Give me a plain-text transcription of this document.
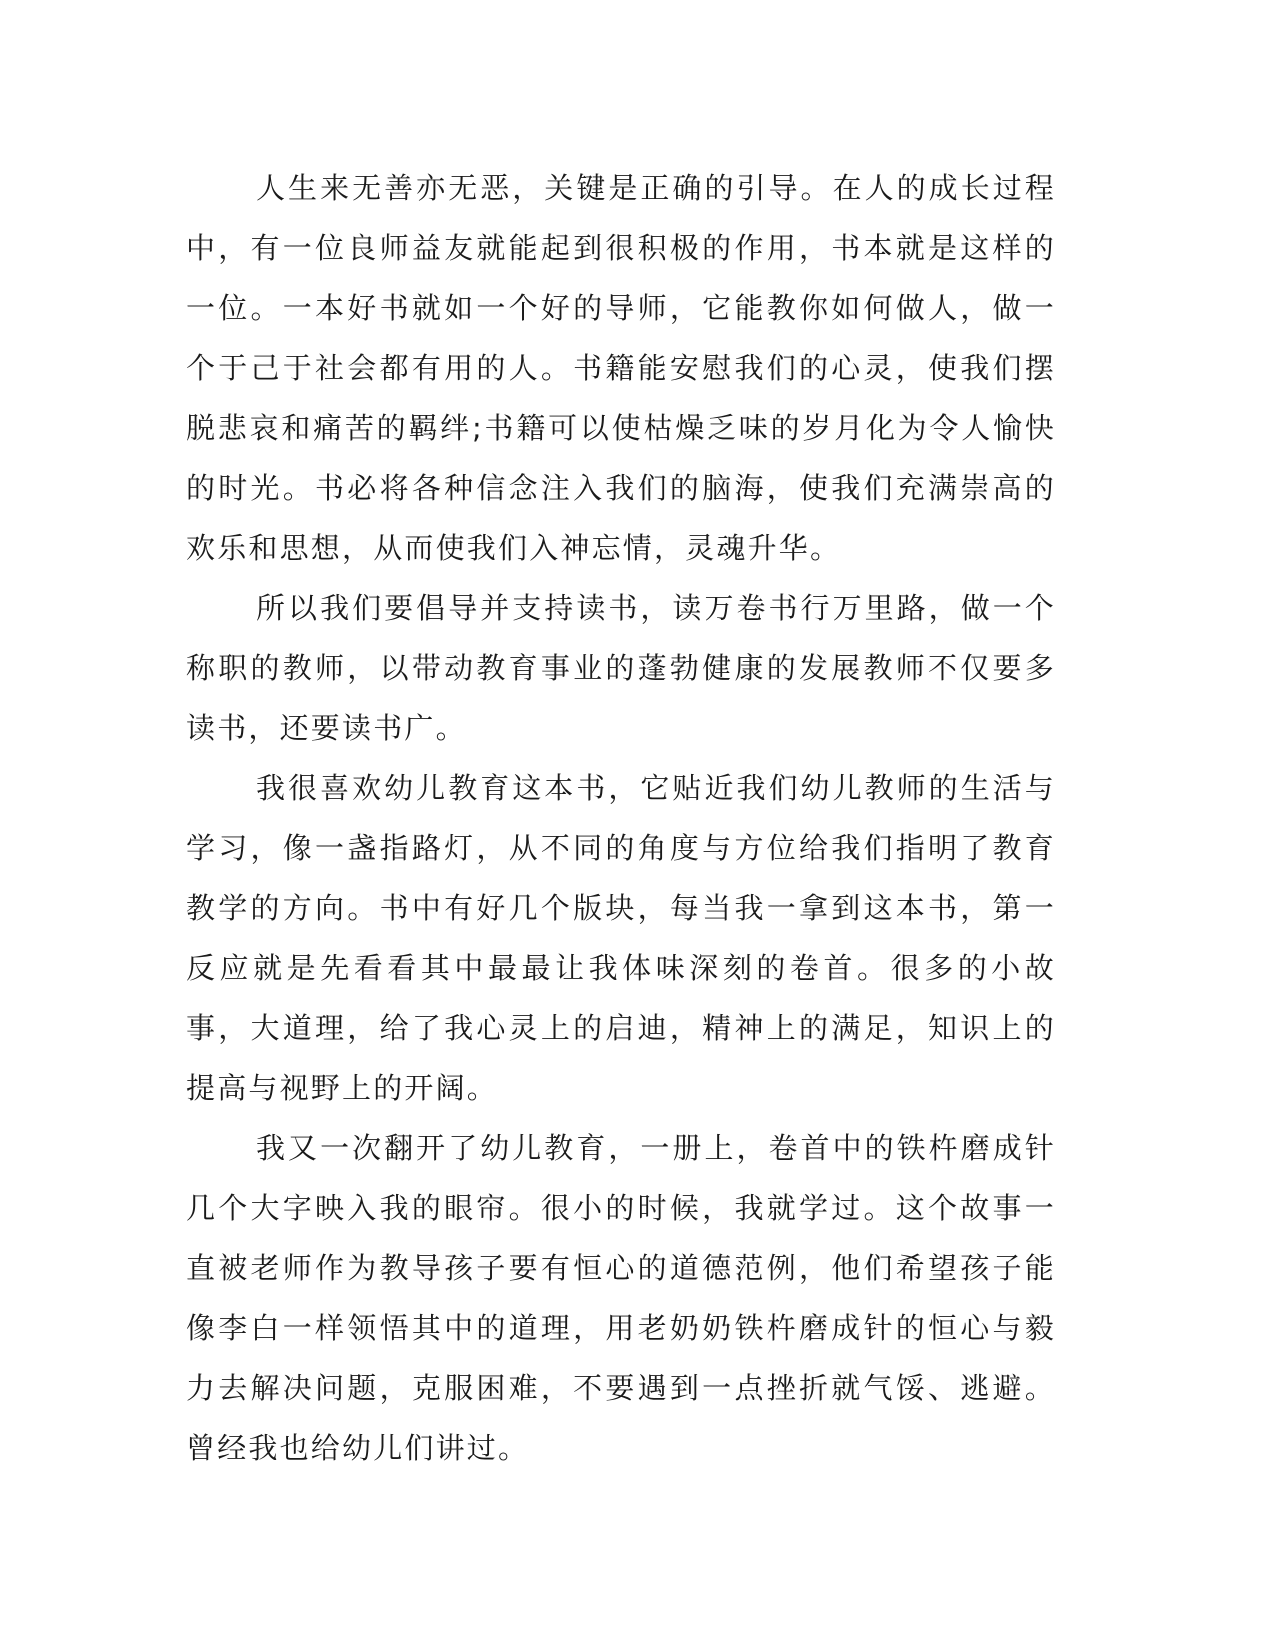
人生来无善亦无恶，关键是正确的引导。在人的成长过程中，有一位良师益友就能起到很积极的作用，书本就是这样的一位。一本好书就如一个好的导师，它能教你如何做人，做一个于己于社会都有用的人。书籍能安慰我们的心灵，使我们摆脱悲哀和痛苦的羁绊;书籍可以使枯燥乏味的岁月化为令人愉快的时光。书必将各种信念注入我们的脑海，使我们充满崇高的欢乐和思想，从而使我们入神忘情，灵魂升华。

所以我们要倡导并支持读书，读万卷书行万里路，做一个称职的教师，以带动教育事业的蓬勃健康的发展教师不仅要多读书，还要读书广。

我很喜欢幼儿教育这本书，它贴近我们幼儿教师的生活与学习，像一盏指路灯，从不同的角度与方位给我们指明了教育教学的方向。书中有好几个版块，每当我一拿到这本书，第一反应就是先看看其中最最让我体味深刻的卷首。很多的小故事，大道理，给了我心灵上的启迪，精神上的满足，知识上的提高与视野上的开阔。

我又一次翻开了幼儿教育，一册上，卷首中的铁杵磨成针几个大字映入我的眼帘。很小的时候，我就学过。这个故事一直被老师作为教导孩子要有恒心的道德范例，他们希望孩子能像李白一样领悟其中的道理，用老奶奶铁杵磨成针的恒心与毅力去解决问题，克服困难，不要遇到一点挫折就气馁、逃避。曾经我也给幼儿们讲过。
